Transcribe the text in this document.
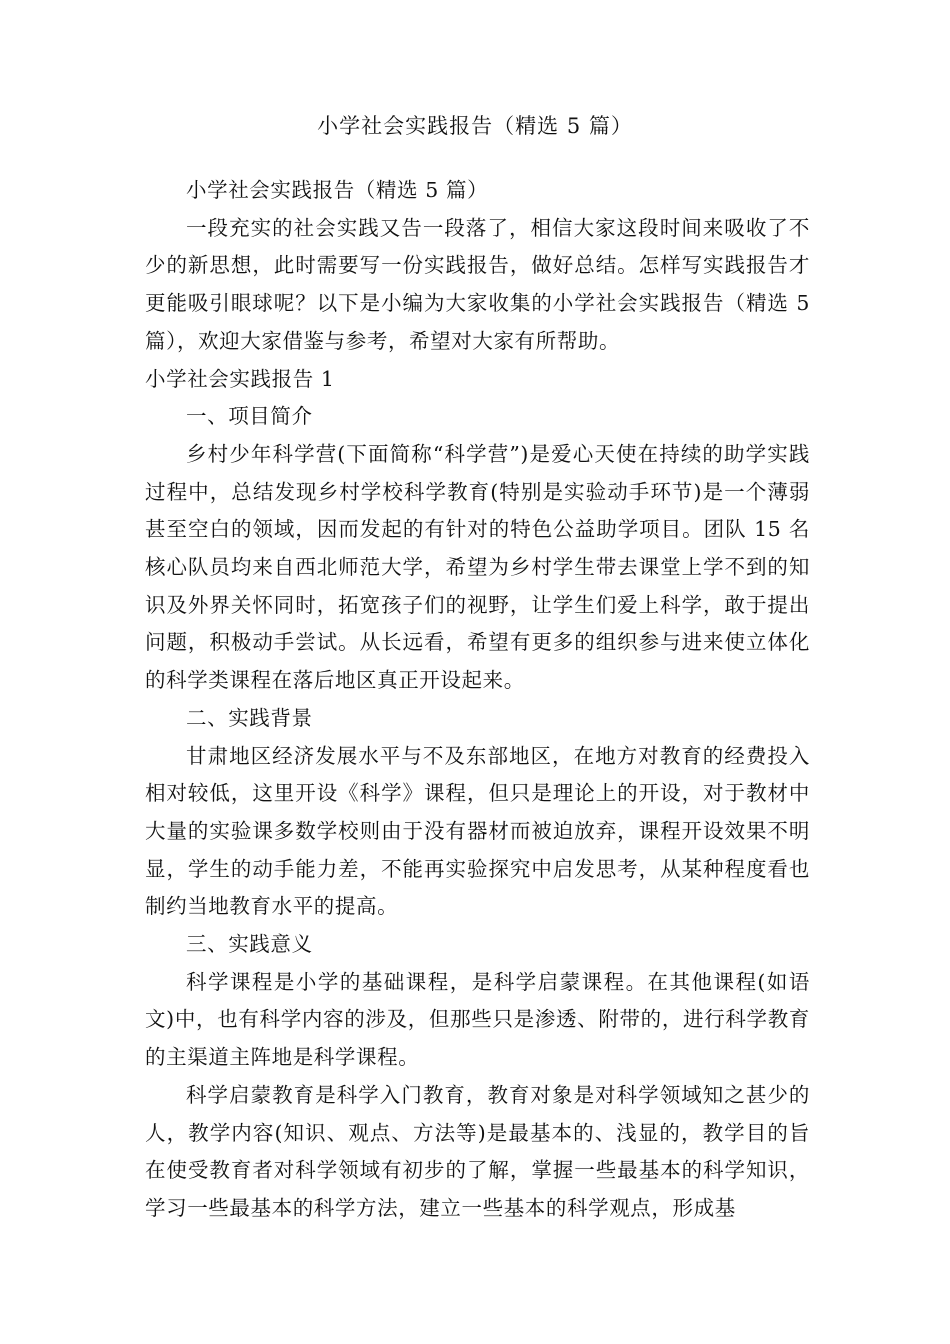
小学社会实践报告（精选 5 篇）

小学社会实践报告（精选 5 篇）

一段充实的社会实践又告一段落了，相信大家这段时间来吸收了不少的新思想，此时需要写一份实践报告，做好总结。怎样写实践报告才更能吸引眼球呢？以下是小编为大家收集的小学社会实践报告（精选 5 篇），欢迎大家借鉴与参考，希望对大家有所帮助。

小学社会实践报告 1

一、项目简介

乡村少年科学营(下面简称“科学营”)是爱心天使在持续的助学实践过程中，总结发现乡村学校科学教育(特别是实验动手环节)是一个薄弱甚至空白的领域，因而发起的有针对的特色公益助学项目。团队 15 名核心队员均来自西北师范大学，希望为乡村学生带去课堂上学不到的知识及外界关怀同时，拓宽孩子们的视野，让学生们爱上科学，敢于提出问题，积极动手尝试。从长远看，希望有更多的组织参与进来使立体化的科学类课程在落后地区真正开设起来。

二、实践背景

甘肃地区经济发展水平与不及东部地区，在地方对教育的经费投入相对较低，这里开设《科学》课程，但只是理论上的开设，对于教材中大量的实验课多数学校则由于没有器材而被迫放弃，课程开设效果不明显，学生的动手能力差，不能再实验探究中启发思考，从某种程度看也制约当地教育水平的提高。

三、实践意义

科学课程是小学的基础课程，是科学启蒙课程。在其他课程(如语文)中，也有科学内容的涉及，但那些只是渗透、附带的，进行科学教育的主渠道主阵地是科学课程。

科学启蒙教育是科学入门教育，教育对象是对科学领域知之甚少的人，教学内容(知识、观点、方法等)是最基本的、浅显的，教学目的旨在使受教育者对科学领域有初步的了解，掌握一些最基本的科学知识，学习一些最基本的科学方法，建立一些基本的科学观点，形成基
